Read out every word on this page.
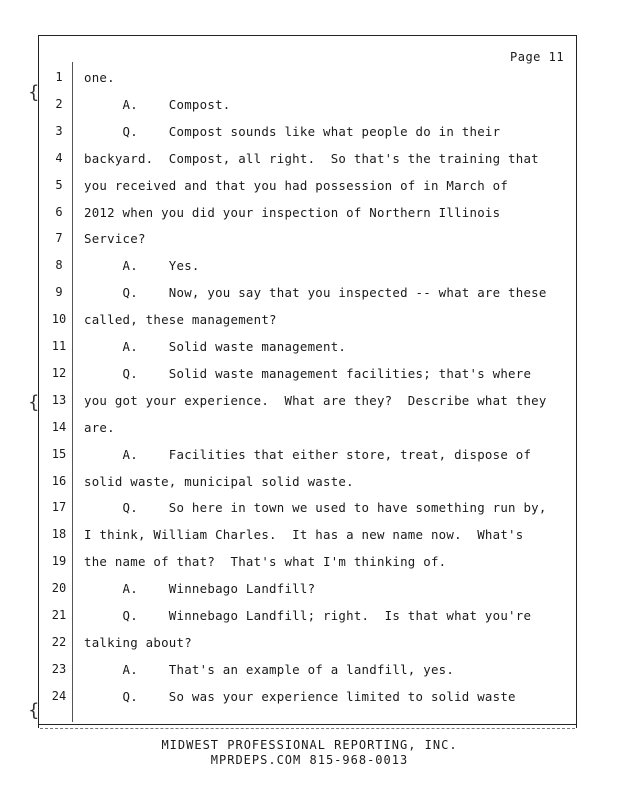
{
{
{
Page 11
1	one.
2	A.    Compost.
3	Q.    Compost sounds like what people do in their
4	backyard.  Compost, all right.  So that's the training that
5	you received and that you had possession of in March of
6	2012 when you did your inspection of Northern Illinois
7	Service?
8	A.    Yes.
9	Q.    Now, you say that you inspected -- what are these
10	called, these management?
11	A.    Solid waste management.
12	Q.    Solid waste management facilities; that's where
13	you got your experience.  What are they?  Describe what they
14	are.
15	A.    Facilities that either store, treat, dispose of
16	solid waste, municipal solid waste.
17	Q.    So here in town we used to have something run by,
18	I think, William Charles.  It has a new name now.  What's
19	the name of that?  That's what I'm thinking of.
20	A.    Winnebago Landfill?
21	Q.    Winnebago Landfill; right.  Is that what you're
22	talking about?
23	A.    That's an example of a landfill, yes.
24	Q.    So was your experience limited to solid waste
MIDWEST PROFESSIONAL REPORTING, INC.
MPRDEPS.COM 815-968-0013
